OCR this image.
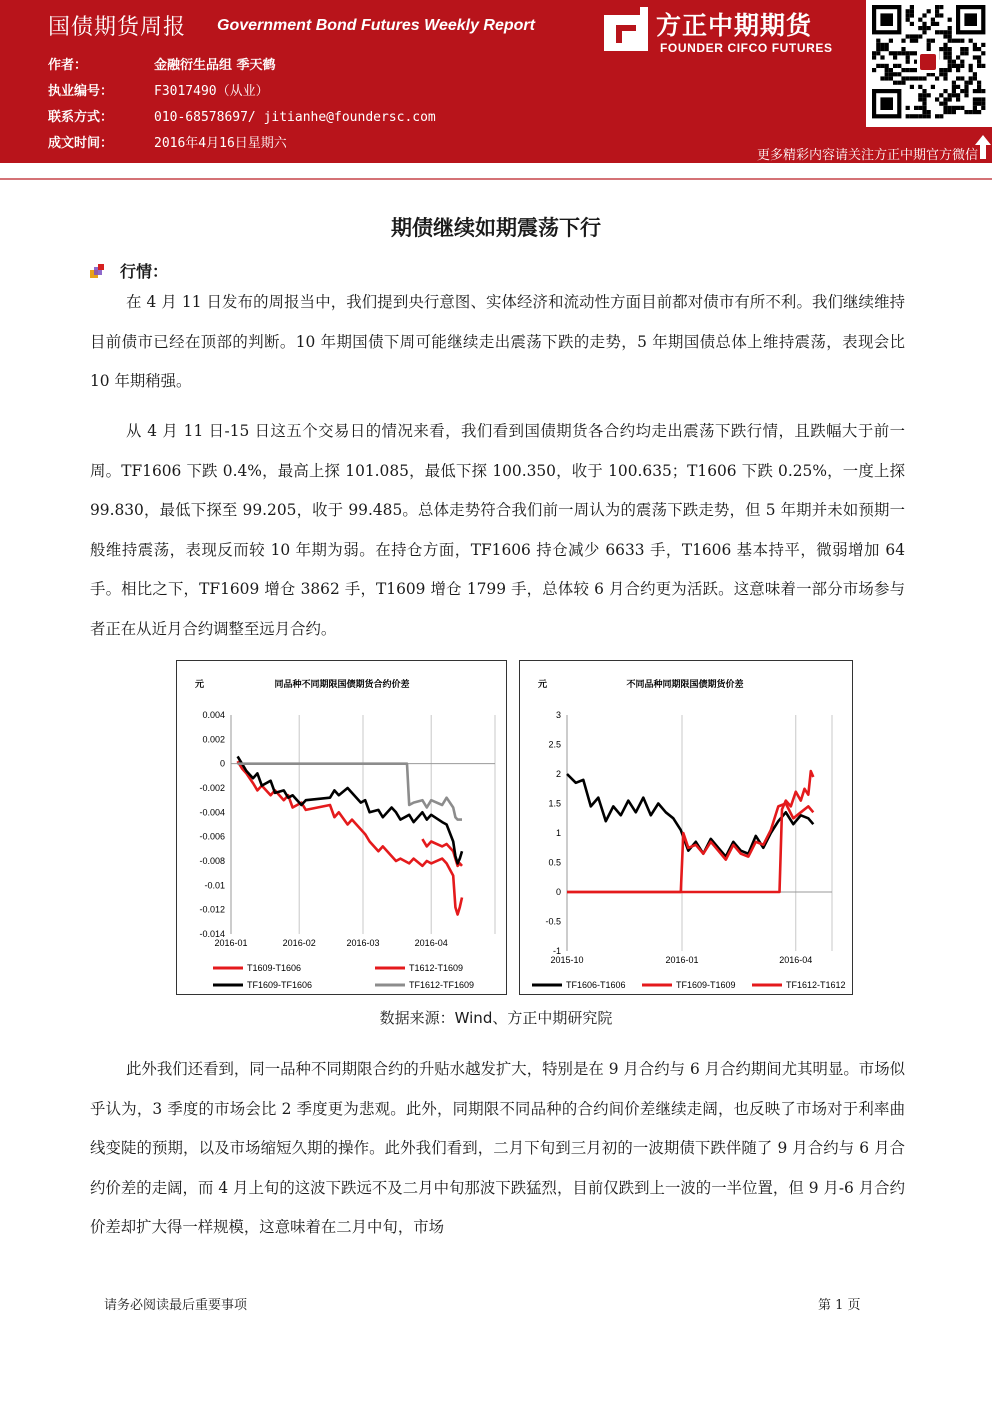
国债期货周报 Government Bond Futures Weekly Report
作者：	金融衍生品组 季天鹤
执业编号：	F3017490（从业）
联系方式：	010-68578697/ jitianhe@foundersc.com
成文时间：	2016年4月16日星期六
方正中期期货
FOUNDER CIFCO FUTURES
更多精彩内容请关注方正中期官方微信
期债继续如期震荡下行
行情：

在 4 月 11 日发布的周报当中，我们提到央行意图、实体经济和流动性方面目前都对债市有所不利。我们继续维持目前债市已经在顶部的判断。10 年期国债下周可能继续走出震荡下跌的走势，5 年期国债总体上维持震荡，表现会比 10 年期稍强。

从 4 月 11 日-15 日这五个交易日的情况来看，我们看到国债期货各合约均走出震荡下跌行情，且跌幅大于前一周。TF1606 下跌 0.4%，最高上探 101.085，最低下探 100.350，收于 100.635；T1606 下跌 0.25%，一度上探 99.830，最低下探至 99.205，收于 99.485。总体走势符合我们前一周认为的震荡下跌走势，但 5 年期并未如预期一般维持震荡，表现反而较 10 年期为弱。在持仓方面，TF1606 持仓减少 6633 手，T1606 基本持平，微弱增加 64 手。相比之下，TF1609 增仓 3862 手，T1609 增仓 1799 手，总体较 6 月合约更为活跃。这意味着一部分市场参与者正在从近月合约调整至远月合约。

元	同品种不同期限国债期货合约价差
2016-01	2016-02	2016-03	2016-04
0.004
0.002
0
-0.002
-0.004
-0.006
-0.008
-0.01
-0.012
-0.014
T1609-T1606	T1612-T1609
TF1609-TF1606	TF1612-TF1609
元	不同品种同期限国债期货价差
2015-10	2016-01	2016-04
3
2.5
2
1.5
1
0.5
0
-0.5
-1
TF1606-T1606	TF1609-T1609	TF1612-T1612
数据来源：Wind、方正中期研究院

此外我们还看到，同一品种不同期限合约的升贴水越发扩大，特别是在 9 月合约与 6 月合约期间尤其明显。市场似乎认为，3 季度的市场会比 2 季度更为悲观。此外，同期限不同品种的合约间价差继续走阔，也反映了市场对于利率曲线变陡的预期，以及市场缩短久期的操作。此外我们看到，二月下旬到三月初的一波期债下跌伴随了 9 月合约与 6 月合约价差的走阔，而 4 月上旬的这波下跌远不及二月中旬那波下跌猛烈，目前仅跌到上一波的一半位置，但 9 月-6 月合约价差却扩大得一样规模，这意味着在二月中旬，市场

请务必阅读最后重要事项	第 1 页
